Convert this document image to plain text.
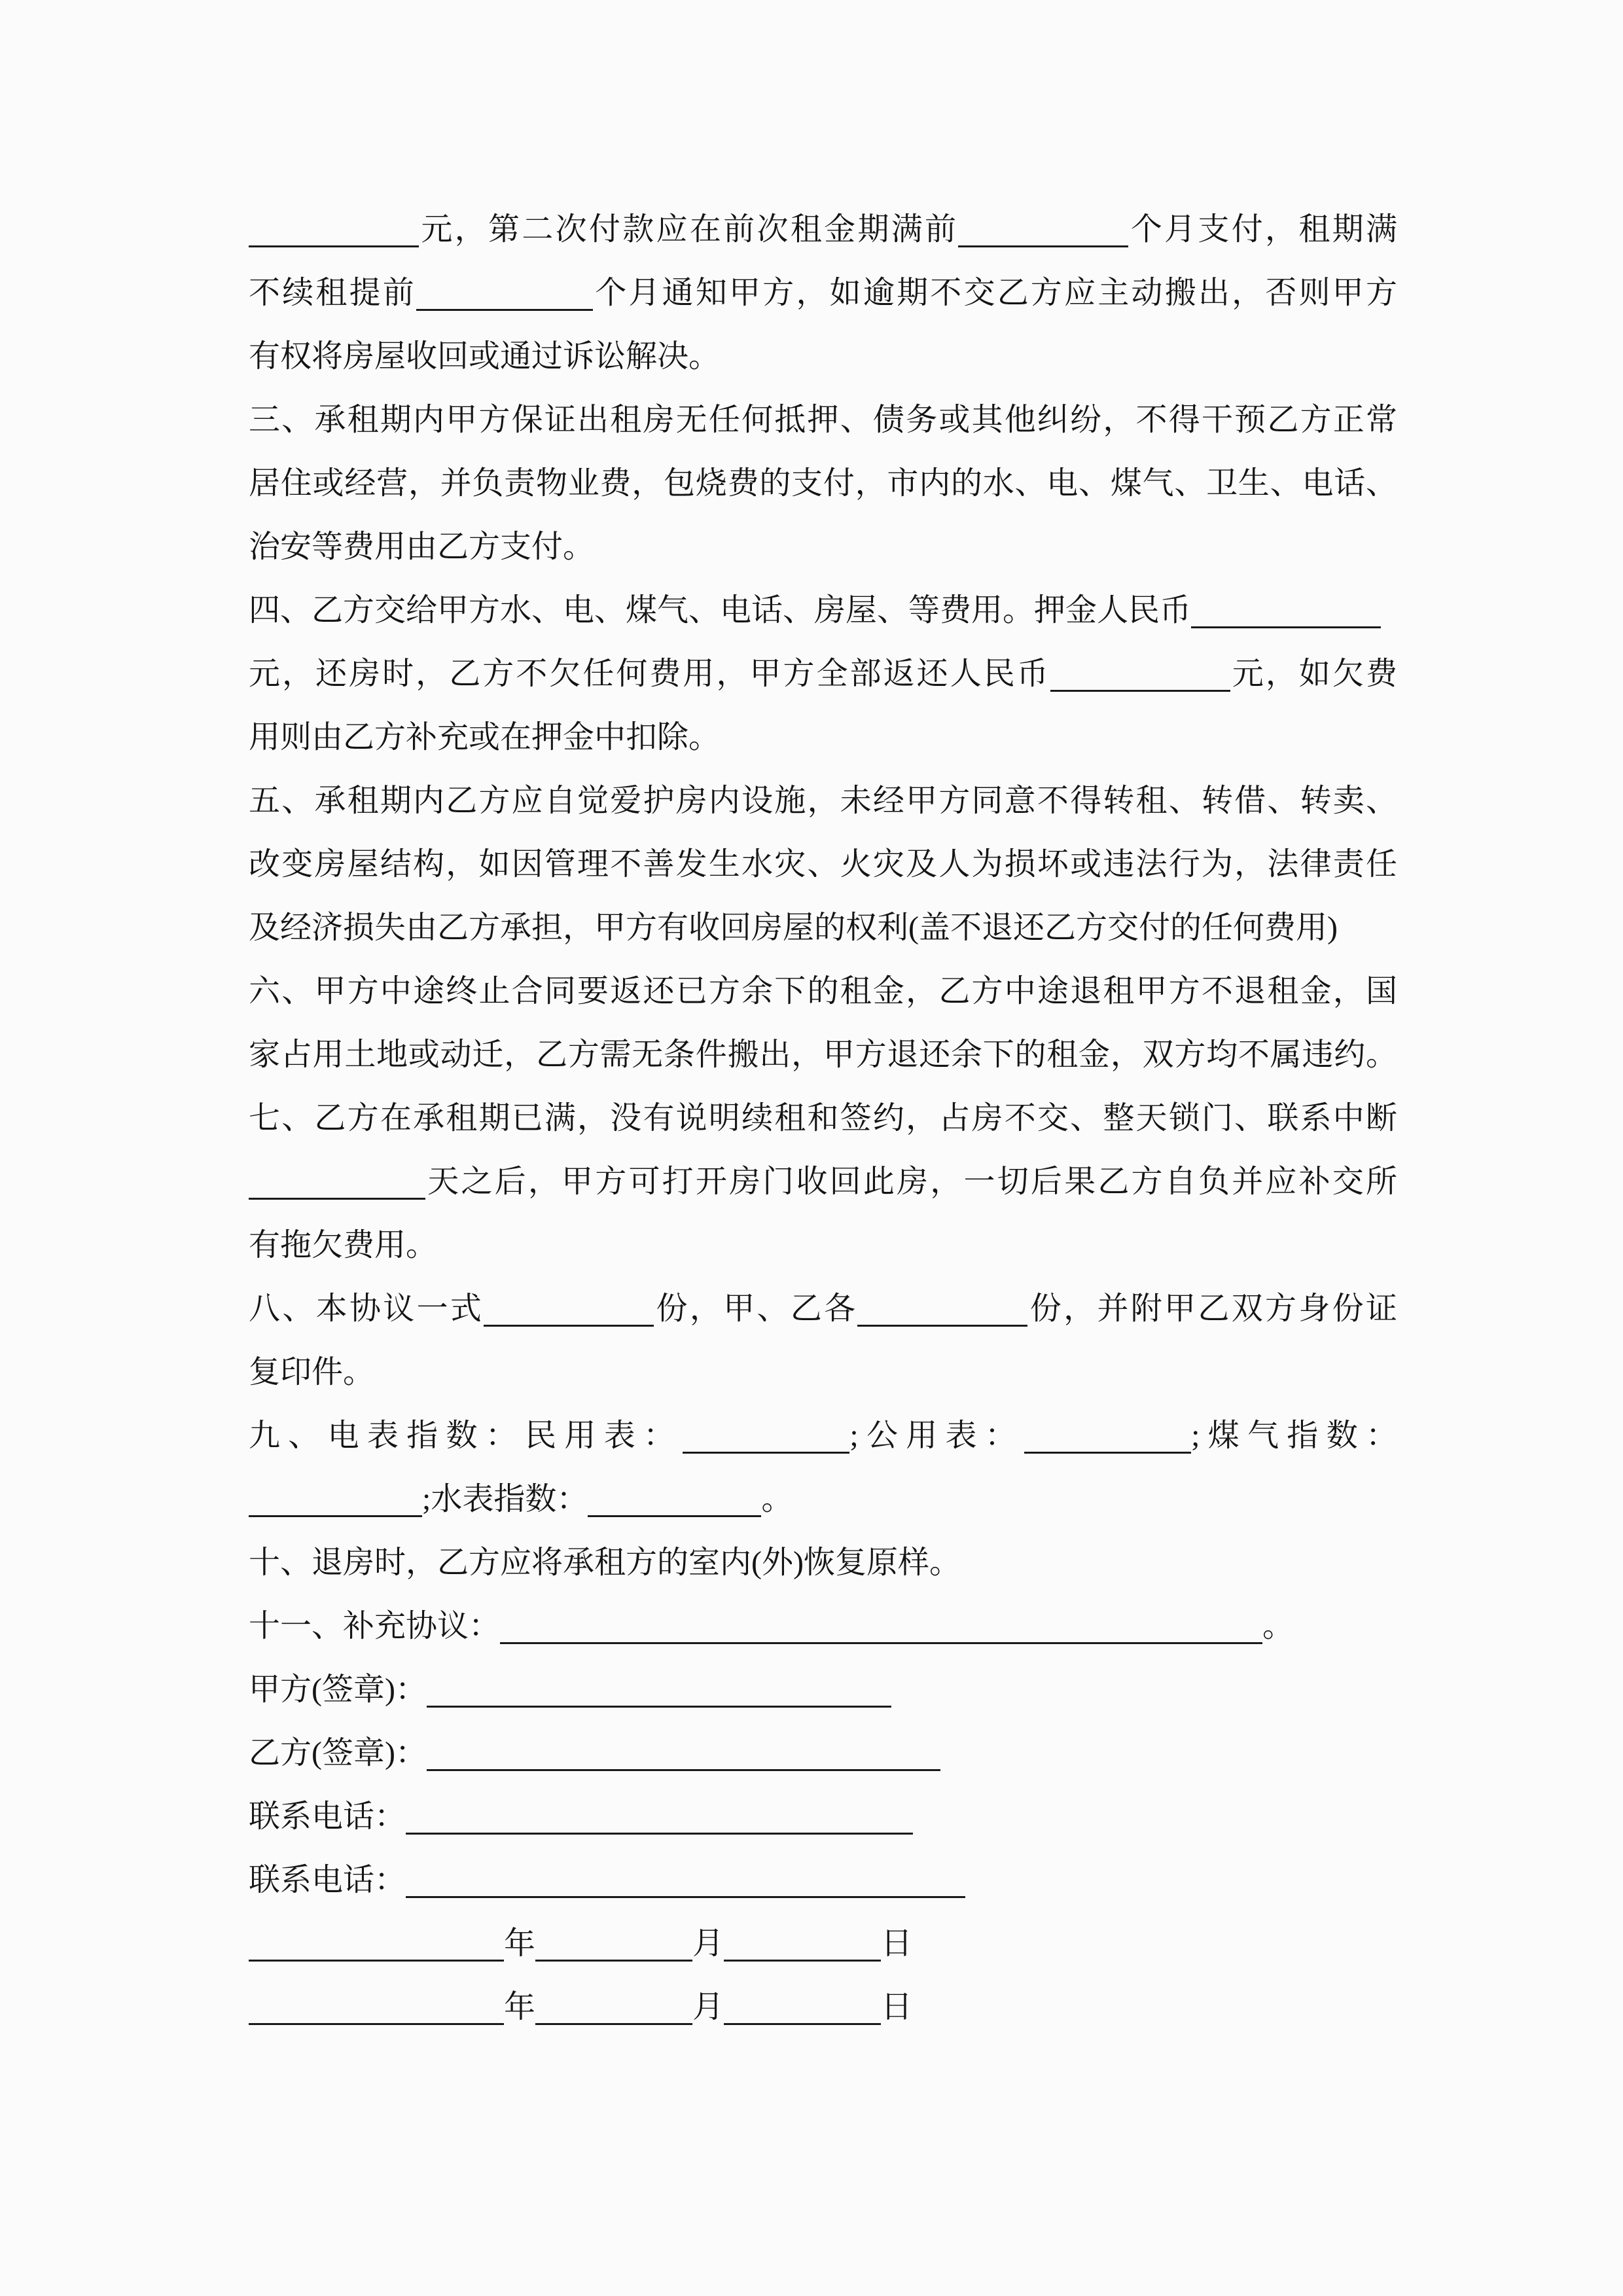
元，第二次付款应在前次租金期满前	个月支付，租期满
不续租提前	个月通知甲方，如逾期不交乙方应主动搬出，否则甲方
有权将房屋收回或通过诉讼解决。
三、承租期内甲方保证出租房无任何抵押、债务或其他纠纷，不得干预乙方正常
居住或经营，并负责物业费，包烧费的支付，市内的水、电、煤气、卫生、电话、
治安等费用由乙方支付。
四、乙方交给甲方水、电、煤气、电话、房屋、等费用。押金人民币
元，还房时，乙方不欠任何费用，甲方全部返还人民币	元，如欠费
用则由乙方补充或在押金中扣除。
五、承租期内乙方应自觉爱护房内设施，未经甲方同意不得转租、转借、转卖、
改变房屋结构，如因管理不善发生水灾、火灾及人为损坏或违法行为，法律责任
及经济损失由乙方承担，甲方有收回房屋的权利(盖不退还乙方交付的任何费用)
六、甲方中途终止合同要返还已方余下的租金，乙方中途退租甲方不退租金，国
家占用土地或动迁，乙方需无条件搬出，甲方退还余下的租金，双方均不属违约。
七、乙方在承租期已满，没有说明续租和签约，占房不交、整天锁门、联系中断
天之后，甲方可打开房门收回此房，一切后果乙方自负并应补交所
有拖欠费用。
八、本协议一式	份，甲、乙各	份，并附甲乙双方身份证
复印件。
九、电表指数：民用表：	;公用表：	;煤气指数：
;水表指数：	。
十、退房时，乙方应将承租方的室内(外)恢复原样。
十一、补充协议：	。
甲方(签章)：
乙方(签章)：
联系电话：
联系电话：
年	月	日
年	月	日
